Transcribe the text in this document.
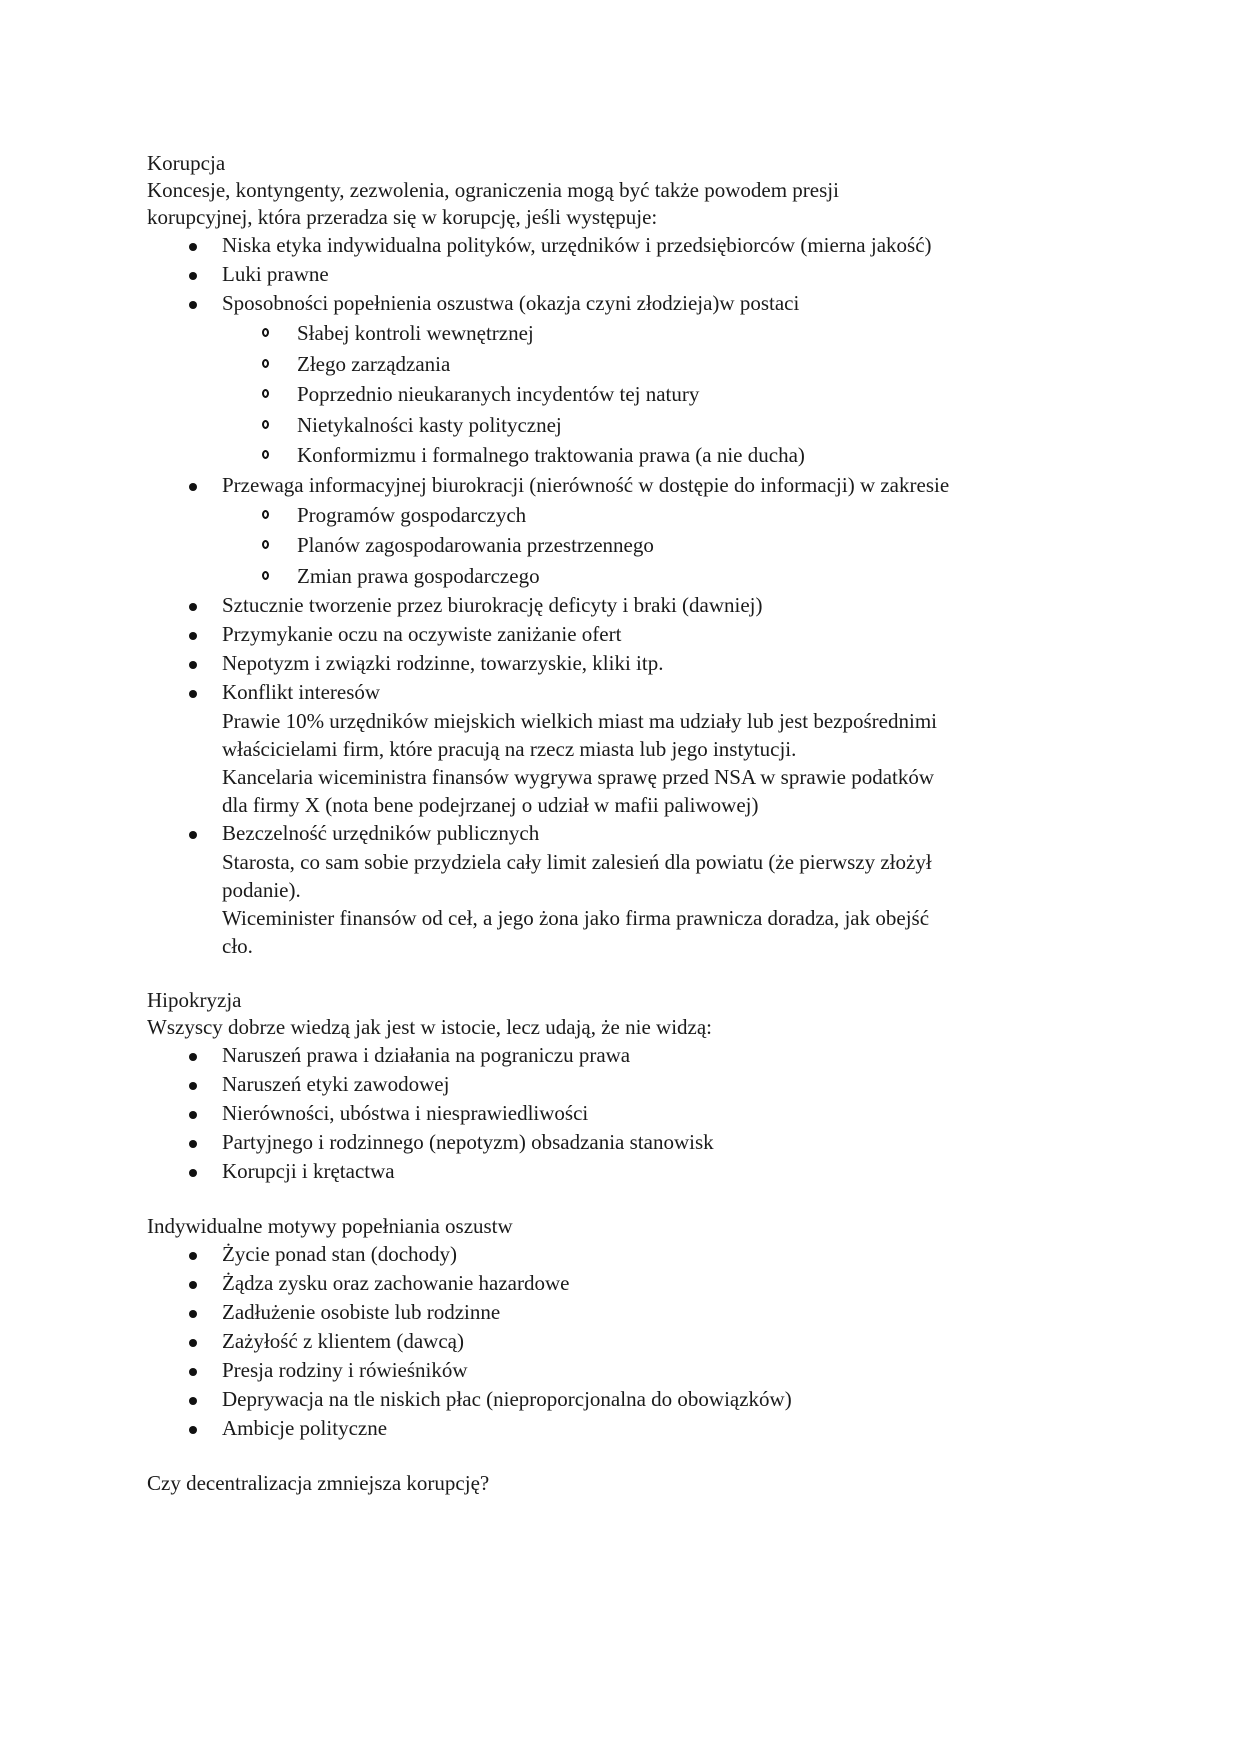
Korupcja
Koncesje, kontyngenty, zezwolenia, ograniczenia mogą być także powodem presji
korupcyjnej, która przeradza się w korupcję, jeśli występuje:
Niska etyka indywidualna polityków, urzędników i przedsiębiorców (mierna jakość)
Luki prawne
Sposobności popełnienia oszustwa (okazja czyni złodzieja)w postaci
Słabej kontroli wewnętrznej
Złego zarządzania
Poprzednio nieukaranych incydentów tej natury
Nietykalności kasty politycznej
Konformizmu i formalnego traktowania prawa (a nie ducha)
Przewaga informacyjnej biurokracji (nierówność w dostępie do informacji) w zakresie
Programów gospodarczych
Planów zagospodarowania przestrzennego
Zmian prawa gospodarczego
Sztucznie tworzenie przez biurokrację deficyty i braki (dawniej)
Przymykanie oczu na oczywiste zaniżanie ofert
Nepotyzm i związki rodzinne, towarzyskie, kliki itp.
Konflikt interesów
Prawie 10% urzędników miejskich wielkich miast ma udziały lub jest bezpośrednimi
właścicielami firm, które pracują na rzecz miasta lub jego instytucji.
Kancelaria wiceministra finansów wygrywa sprawę przed NSA w sprawie podatków
dla firmy X (nota bene podejrzanej o udział w mafii paliwowej)
Bezczelność urzędników publicznych
Starosta, co sam sobie przydziela cały limit zalesień dla powiatu (że pierwszy złożył
podanie).
Wiceminister finansów od ceł, a jego żona jako firma prawnicza doradza, jak obejść
cło.
Hipokryzja
Wszyscy dobrze wiedzą jak jest w istocie, lecz udają, że nie widzą:
Naruszeń prawa i działania na pograniczu prawa
Naruszeń etyki zawodowej
Nierówności, ubóstwa i niesprawiedliwości
Partyjnego i rodzinnego (nepotyzm) obsadzania stanowisk
Korupcji i krętactwa
Indywidualne motywy popełniania oszustw
Życie ponad stan (dochody)
Żądza zysku oraz zachowanie hazardowe
Zadłużenie osobiste lub rodzinne
Zażyłość z klientem (dawcą)
Presja rodziny i rówieśników
Deprywacja na tle niskich płac (nieproporcjonalna do obowiązków)
Ambicje polityczne
Czy decentralizacja zmniejsza korupcję?
